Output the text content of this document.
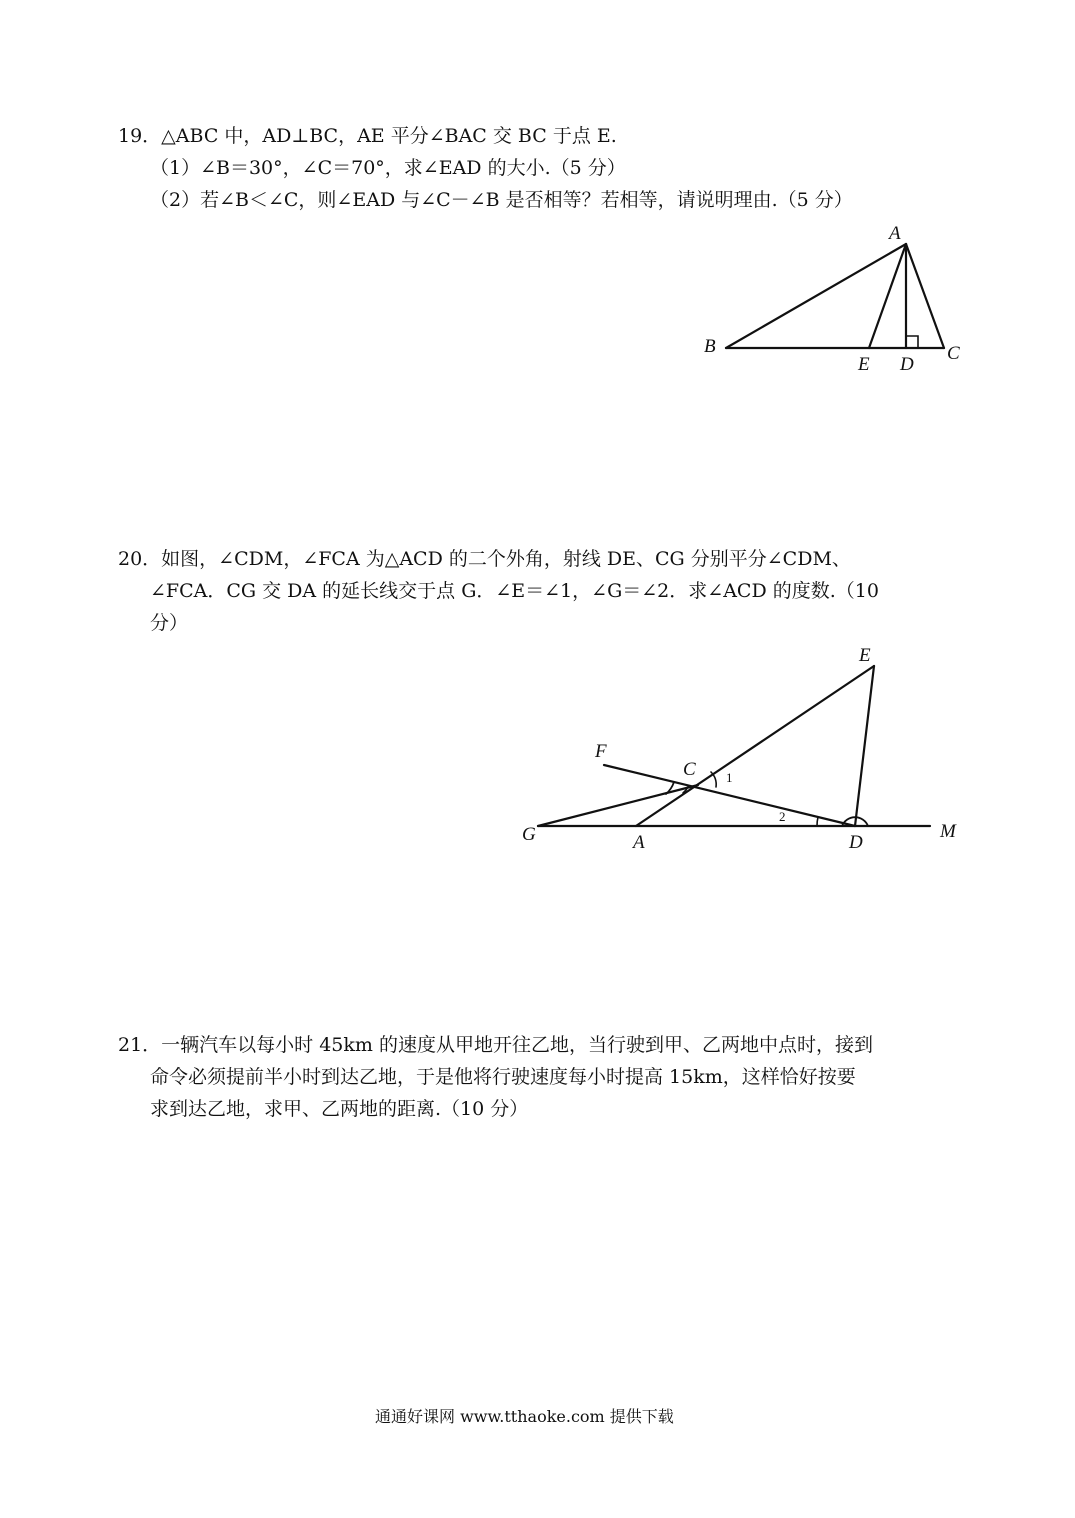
19．△ABC 中，AD⊥BC，AE 平分∠BAC 交 BC 于点 E.
（1）∠B＝30°，∠C＝70°，求∠EAD 的大小.（5 分）
（2）若∠B＜∠C，则∠EAD 与∠C－∠B 是否相等？若相等，请说明理由.（5 分）
A
B	C
E D
20．如图，∠CDM，∠FCA 为△ACD 的二个外角，射线 DE、CG 分别平分∠CDM、
∠FCA．CG 交 DA 的延长线交于点 G．∠E＝∠1，∠G＝∠2．求∠ACD 的度数.（10
分）
E
F
C 1
2
G	A	D
M
21．一辆汽车以每小时 45km 的速度从甲地开往乙地，当行驶到甲、乙两地中点时，接到
命令必须提前半小时到达乙地，于是他将行驶速度每小时提高 15km，这样恰好按要
求到达乙地，求甲、乙两地的距离.（10 分）
通通好课网 www.tthaoke.com 提供下载
